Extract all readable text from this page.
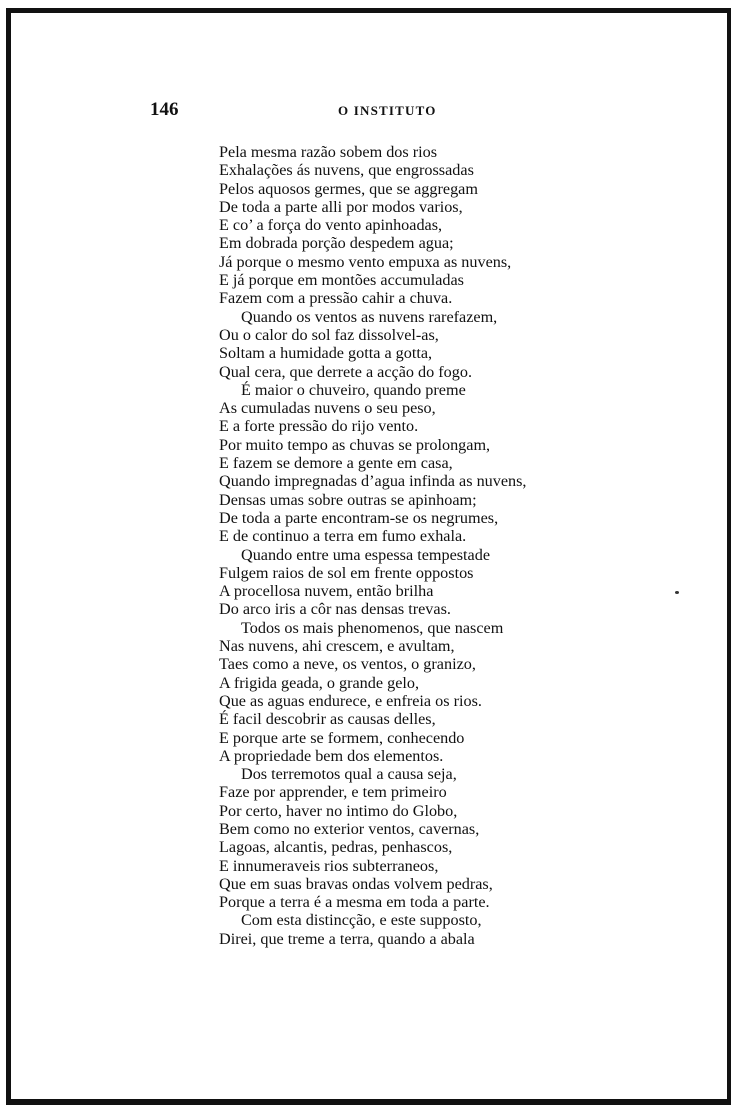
146	O INSTITUTO
Pela mesma razão sobem dos rios
Exhalações ás nuvens, que engrossadas
Pelos aquosos germes, que se aggregam
De toda a parte alli por modos varios,
E co’ a força do vento apinhoadas,
Em dobrada porção despedem agua;
Já porque o mesmo vento empuxa as nuvens,
E já porque em montões accumuladas
Fazem com a pressão cahir a chuva.
Quando os ventos as nuvens rarefazem,
Ou o calor do sol faz dissolvel-as,
Soltam a humidade gotta a gotta,
Qual cera, que derrete a acção do fogo.
É maior o chuveiro, quando preme
As cumuladas nuvens o seu peso,
E a forte pressão do rijo vento.
Por muito tempo as chuvas se prolongam,
E fazem se demore a gente em casa,
Quando impregnadas d’agua infinda as nuvens,
Densas umas sobre outras se apinhoam;
De toda a parte encontram-se os negrumes,
E de continuo a terra em fumo exhala.
Quando entre uma espessa tempestade
Fulgem raios de sol em frente oppostos
A procellosa nuvem, então brilha
Do arco iris a côr nas densas trevas.
Todos os mais phenomenos, que nascem
Nas nuvens, ahi crescem, e avultam,
Taes como a neve, os ventos, o granizo,
A frigida geada, o grande gelo,
Que as aguas endurece, e enfreia os rios.
É facil descobrir as causas delles,
E porque arte se formem, conhecendo
A propriedade bem dos elementos.
Dos terremotos qual a causa seja,
Faze por apprender, e tem primeiro
Por certo, haver no intimo do Globo,
Bem como no exterior ventos, cavernas,
Lagoas, alcantis, pedras, penhascos,
E innumeraveis rios subterraneos,
Que em suas bravas ondas volvem pedras,
Porque a terra é a mesma em toda a parte.
Com esta distincção, e este supposto,
Direi, que treme a terra, quando a abala
